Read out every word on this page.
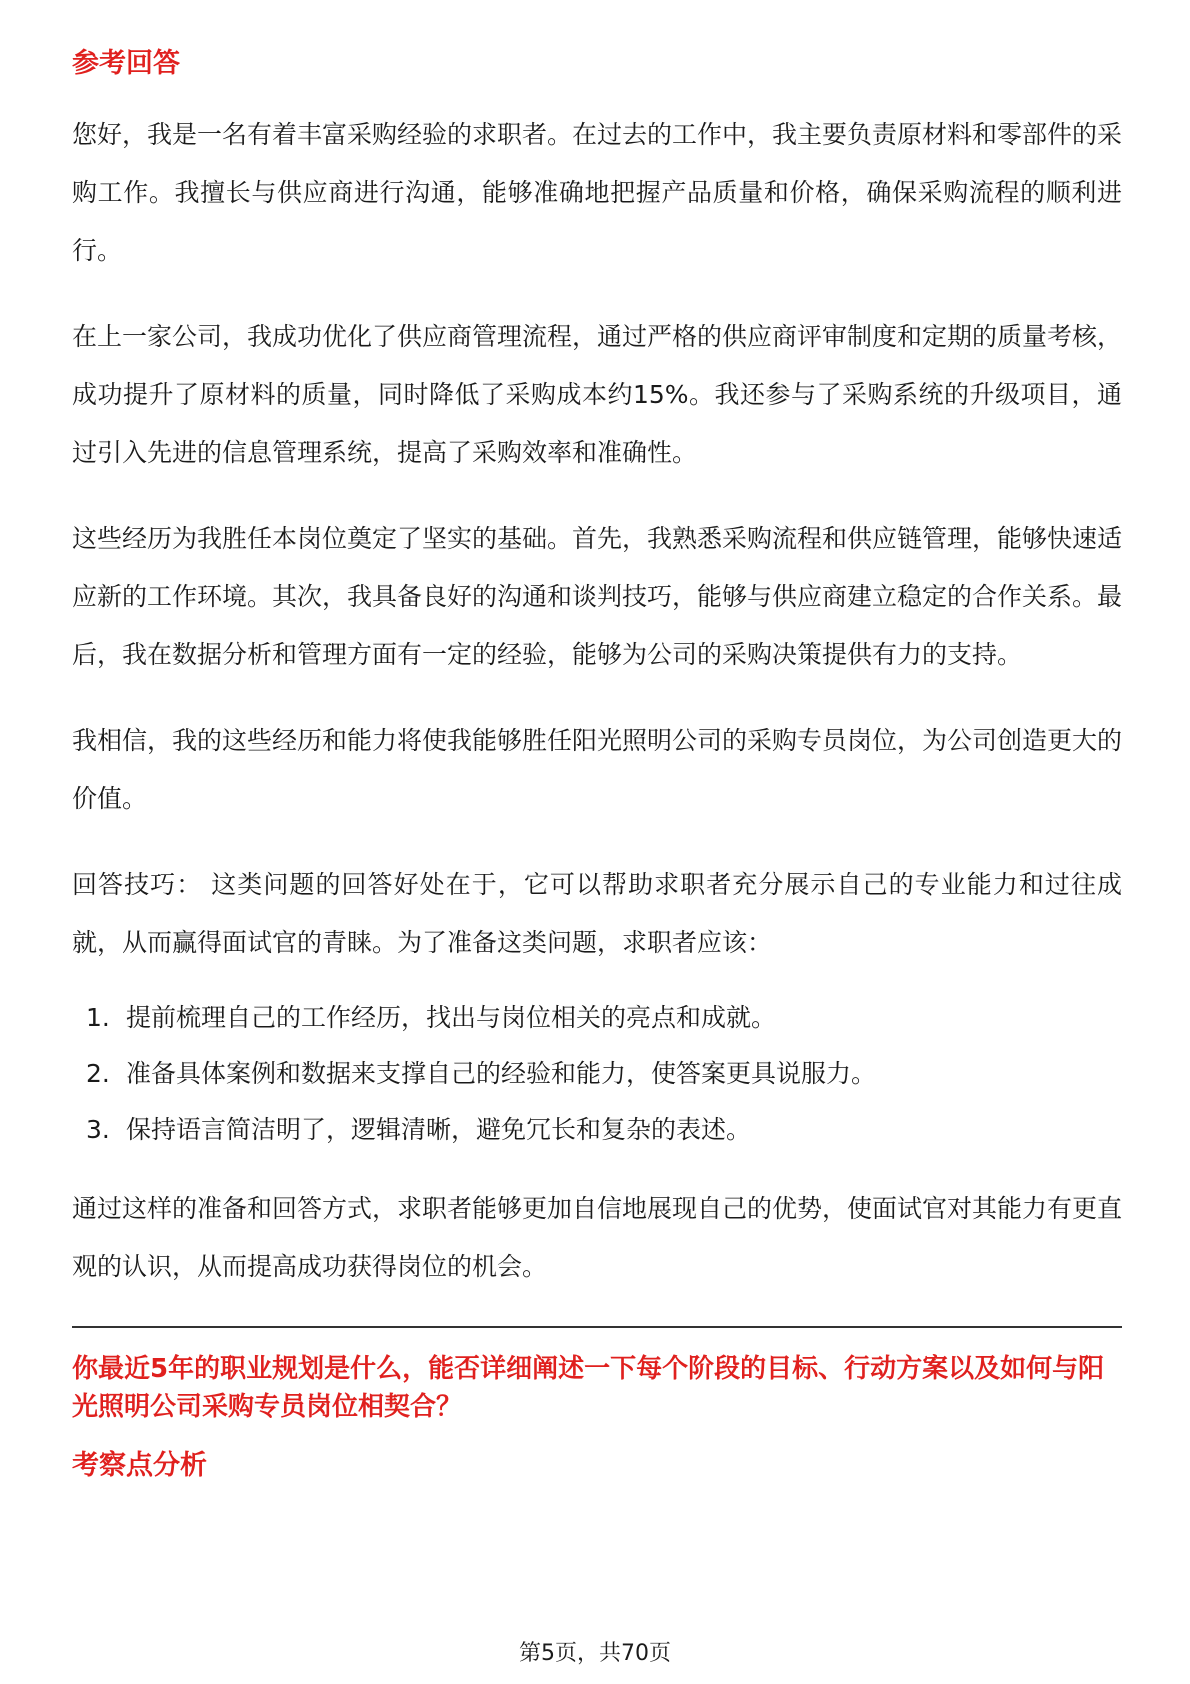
参考回答

您好，我是一名有着丰富采购经验的求职者。在过去的工作中，我主要负责原材料和零部件的采购工作。我擅长与供应商进行沟通，能够准确地把握产品质量和价格，确保采购流程的顺利进行。

在上一家公司，我成功优化了供应商管理流程，通过严格的供应商评审制度和定期的质量考核，成功提升了原材料的质量，同时降低了采购成本约15%。我还参与了采购系统的升级项目，通过引入先进的信息管理系统，提高了采购效率和准确性。

这些经历为我胜任本岗位奠定了坚实的基础。首先，我熟悉采购流程和供应链管理，能够快速适应新的工作环境。其次，我具备良好的沟通和谈判技巧，能够与供应商建立稳定的合作关系。最后，我在数据分析和管理方面有一定的经验，能够为公司的采购决策提供有力的支持。

我相信，我的这些经历和能力将使我能够胜任阳光照明公司的采购专员岗位，为公司创造更大的价值。

回答技巧： 这类问题的回答好处在于，它可以帮助求职者充分展示自己的专业能力和过往成就，从而赢得面试官的青睐。为了准备这类问题，求职者应该：

1. 提前梳理自己的工作经历，找出与岗位相关的亮点和成就。
2. 准备具体案例和数据来支撑自己的经验和能力，使答案更具说服力。
3. 保持语言简洁明了，逻辑清晰，避免冗长和复杂的表述。

通过这样的准备和回答方式，求职者能够更加自信地展现自己的优势，使面试官对其能力有更直观的认识，从而提高成功获得岗位的机会。

你最近5年的职业规划是什么，能否详细阐述一下每个阶段的目标、行动方案以及如何与阳光照明公司采购专员岗位相契合？

考察点分析

第5页，共70页
